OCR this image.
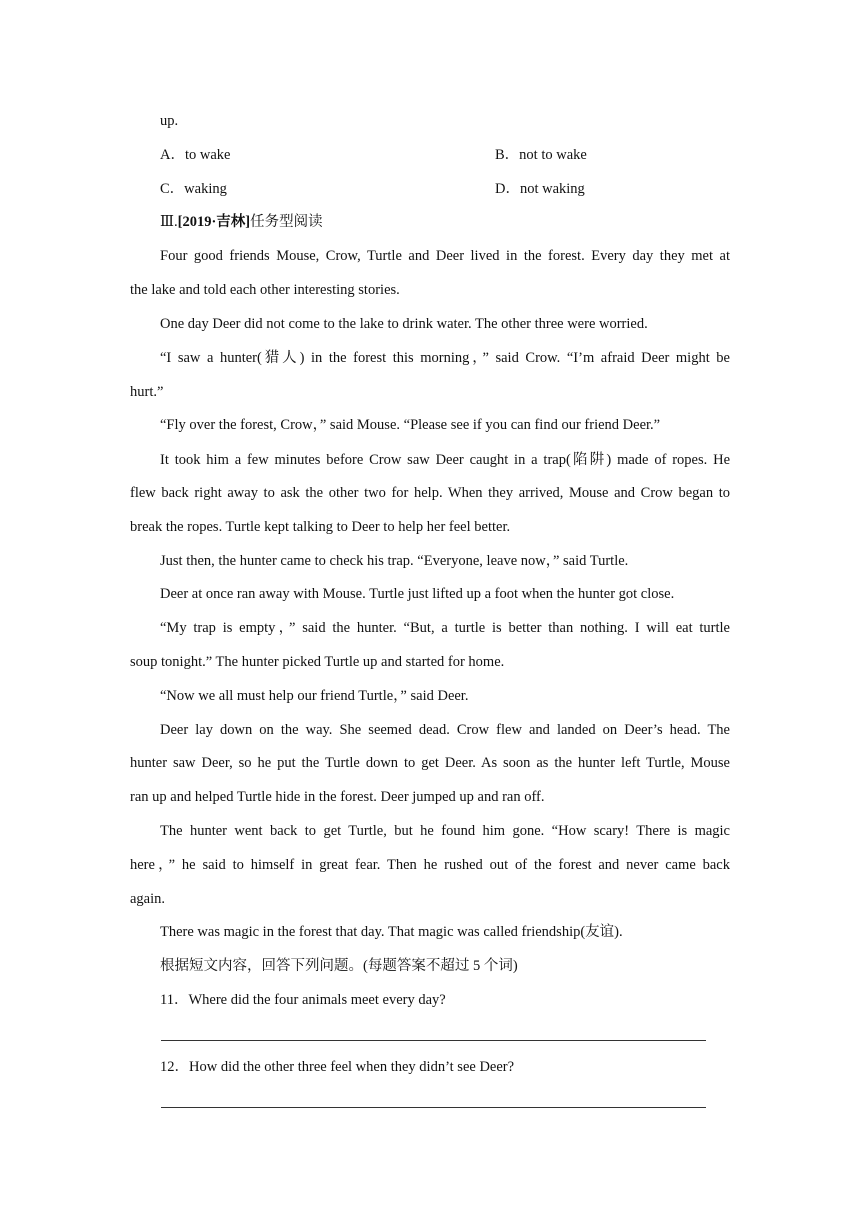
up.
A．to wake	B．not to wake
C．waking	D．not waking
Ⅲ.[2019·吉林]任务型阅读
Four good friends Mouse, Crow, Turtle and Deer lived in the forest. Every day they met at
the lake and told each other interesting stories.
One day Deer did not come to the lake to drink water. The other three were worried.
“I saw a hunter(猎人) in the forest this morning，” said Crow. “I’m afraid Deer might be
hurt.”
“Fly over the forest, Crow，” said Mouse. “Please see if you can find our friend Deer.”
It took him a few minutes before Crow saw Deer caught in a trap(陷阱) made of ropes. He
flew back right away to ask the other two for help. When they arrived, Mouse and Crow began to
break the ropes. Turtle kept talking to Deer to help her feel better.
Just then, the hunter came to check his trap. “Everyone, leave now，” said Turtle.
Deer at once ran away with Mouse. Turtle just lifted up a foot when the hunter got close.
“My trap is empty，” said the hunter. “But, a turtle is better than nothing. I will eat turtle
soup tonight.” The hunter picked Turtle up and started for home.
“Now we all must help our friend Turtle，” said Deer.
Deer lay down on the way. She seemed dead. Crow flew and landed on Deer’s head. The
hunter saw Deer, so he put the Turtle down to get Deer. As soon as the hunter left Turtle, Mouse
ran up and helped Turtle hide in the forest. Deer jumped up and ran off.
The hunter went back to get Turtle, but he found him gone. “How scary! There is magic
here，” he said to himself in great fear. Then he rushed out of the forest and never came back
again.
There was magic in the forest that day. That magic was called friendship(友谊).
根据短文内容，回答下列问题。(每题答案不超过 5 个词)
11．Where did the four animals meet every day?
12．How did the other three feel when they didn’t see Deer?
